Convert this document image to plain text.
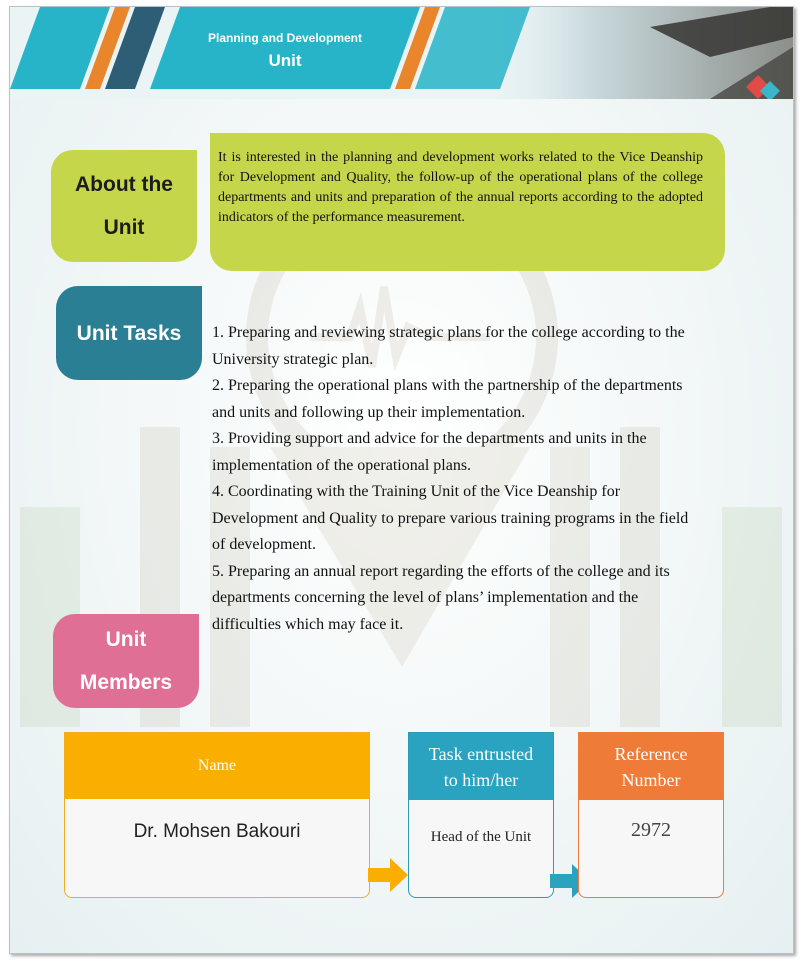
Planning and Development
Unit
About the
Unit

It is interested in the planning and development works related to the Vice Deanship for Development and Quality, the follow-up of the operational plans of the college departments and units and preparation of the annual reports according to the adopted indicators of the performance measurement.

Unit Tasks	1. Preparing and reviewing strategic plans for the college according to the
University strategic plan.
2. Preparing the operational plans with the partnership of the departments
and units and following up their implementation.
3. Providing support and advice for the departments and units in the
implementation of the operational plans.
4. Coordinating with the Training Unit of the Vice Deanship for
Development and Quality to prepare various training programs in the field
of development.
5. Preparing an annual report regarding the efforts of the college and its
departments concerning the level of plans’ implementation and the
difficulties which may face it.
Unit
Members
Name
Dr. Mohsen Bakouri
Task entrusted
to him/her
Head of the Unit
Reference
Number
2972
